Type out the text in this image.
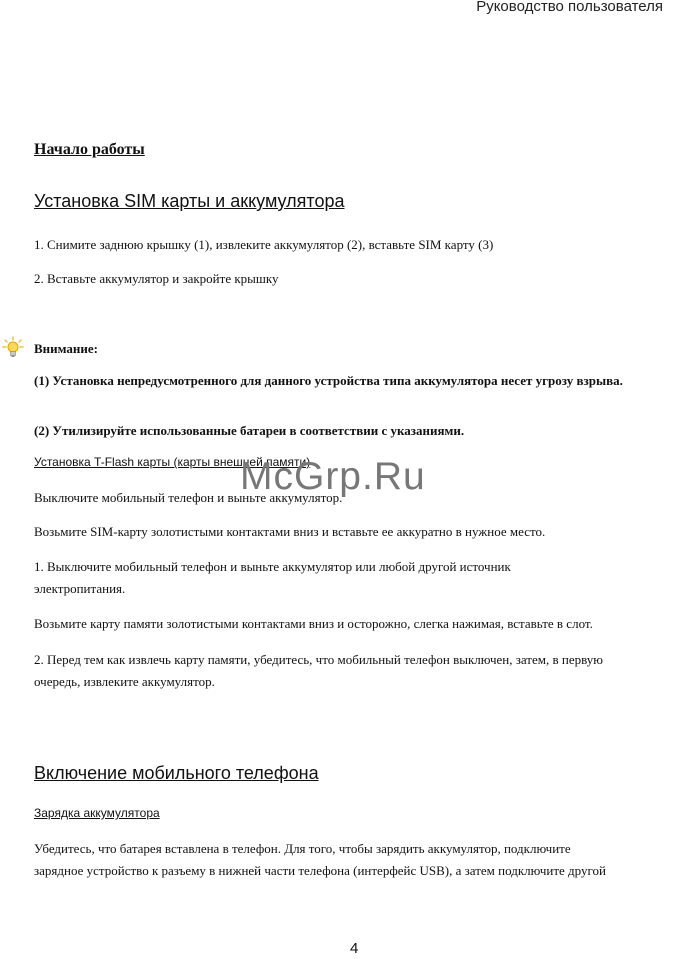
Руководство пользователя
Начало работы
Установка SIM карты и аккумулятора
1. Снимите заднюю крышку (1), извлеките аккумулятор (2), вставьте SIM карту (3)
2. Вставьте аккумулятор и закройте крышку
Внимание:
(1) Установка непредусмотренного для данного устройства типа аккумулятора несет угрозу взрыва.
(2) Утилизируйте использованные батареи в соответствии с указаниями.
Установка T-Flash карты (карты внешней памяти)
Выключите мобильный телефон и выньте аккумулятор.
Возьмите SIM-карту золотистыми контактами вниз и вставьте ее аккуратно в нужное место.
1. Выключите мобильный телефон и выньте аккумулятор или любой другой источник
электропитания.
Возьмите карту памяти золотистыми контактами вниз и осторожно, слегка нажимая, вставьте в слот.
2. Перед тем как извлечь карту памяти, убедитесь, что мобильный телефон выключен, затем, в первую
очередь, извлеките аккумулятор.
Включение мобильного телефона
Зарядка аккумулятора
Убедитесь, что батарея вставлена в телефон. Для того, чтобы зарядить аккумулятор, подключите
зарядное устройство к разъему в нижней части телефона (интерфейс USB), а затем подключите другой
McGrp.Ru
4
